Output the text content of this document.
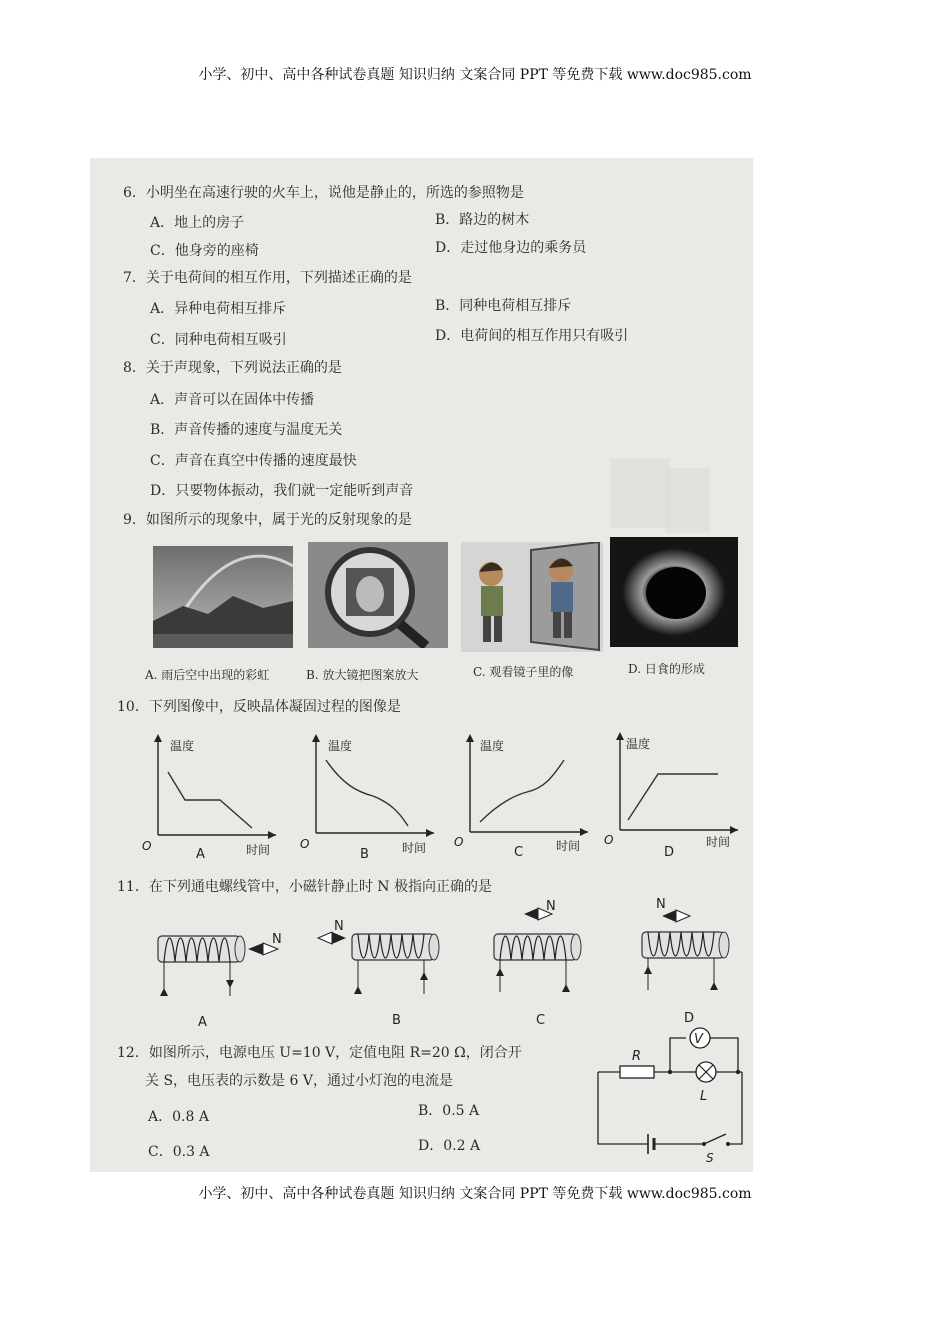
小学、初中、高中各种试卷真题 知识归纳 文案合同 PPT 等免费下载 www.doc985.com
6．小明坐在高速行驶的火车上，说他是静止的，所选的参照物是
A．地上的房子	B．路边的树木
C．他身旁的座椅	D．走过他身边的乘务员
7．关于电荷间的相互作用，下列描述正确的是
A．异种电荷相互排斥	B．同种电荷相互排斥
C．同种电荷相互吸引	D．电荷间的相互作用只有吸引
8．关于声现象，下列说法正确的是
A．声音可以在固体中传播
B．声音传播的速度与温度无关
C．声音在真空中传播的速度最快
D．只要物体振动，我们就一定能听到声音
9．如图所示的现象中，属于光的反射现象的是
A. 雨后空中出现的彩虹	B. 放大镜把图案放大	C. 观看镜子里的像	D. 日食的形成
10．下列图像中，反映晶体凝固过程的图像是
温度
O	时间
A
温度
O	时间
B
温度
O	时间
C
温度
O	时间
D
11．在下列通电螺线管中，小磁针静止时 N 极指向正确的是
N
A
N
B
N
C
N
D
12．如图所示，电源电压 U=10 V，定值电阻 R=20 Ω，闭合开
关 S，电压表的示数是 6 V，通过小灯泡的电流是
A．0.8 A	B．0.5 A
C．0.3 A	D．0.2 A
V
R
L
S
小学、初中、高中各种试卷真题 知识归纳 文案合同 PPT 等免费下载 www.doc985.com
